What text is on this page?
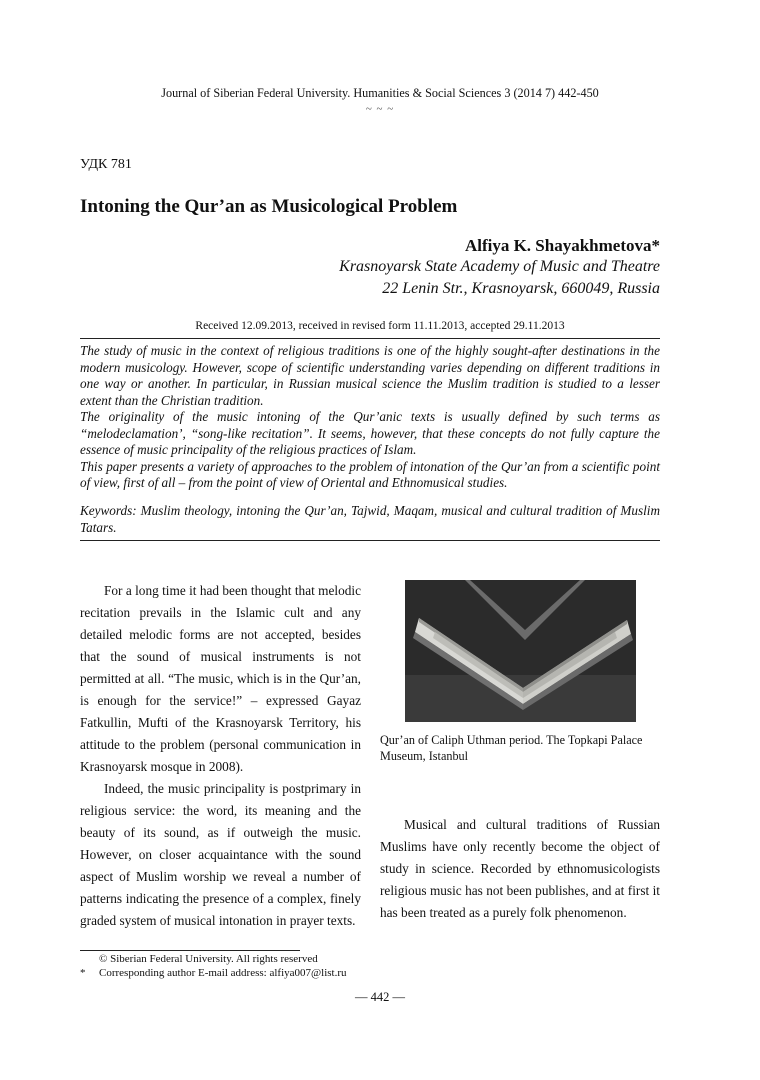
Journal of Siberian Federal University. Humanities & Social Sciences 3 (2014 7) 442-450
~ ~ ~
УДК 781
Intoning the Qur’an as Musicological Problem
Alfiya K. Shayakhmetova*
Krasnoyarsk State Academy of Music and Theatre
22 Lenin Str., Krasnoyarsk, 660049, Russia
Received 12.09.2013, received in revised form 11.11.2013, accepted 29.11.2013

The study of music in the context of religious traditions is one of the highly sought-after destinations in the modern musicology. However, scope of scientific understanding varies depending on different traditions in one way or another. In particular, in Russian musical science the Muslim tradition is studied to a lesser extent than the Christian tradition.

The originality of the music intoning of the Qur’anic texts is usually defined by such terms as “melodeclamation’, “song-like recitation”. It seems, however, that these concepts do not fully capture the essence of music principality of the religious practices of Islam.

This paper presents a variety of approaches to the problem of intonation of the Qur’an from a scientific point of view, first of all – from the point of view of Oriental and Ethnomusical studies.

Keywords: Muslim theology, intoning the Qur’an, Tajwid, Maqam, musical and cultural tradition of Muslim Tatars.

For a long time it had been thought that melodic recitation prevails in the Islamic cult and any detailed melodic forms are not accepted, besides that the sound of musical instruments is not permitted at all. “The music, which is in the Qur’an, is enough for the service!” – expressed Gayaz Fatkullin, Mufti of the Krasnoyarsk Territory, his attitude to the problem (personal communication in Krasnoyarsk mosque in 2008).

Indeed, the music principality is postprimary in religious service: the word, its meaning and the beauty of its sound, as if outweigh the music. However, on closer acquaintance with the sound aspect of Muslim worship we reveal a number of patterns indicating the presence of a complex, finely graded system of musical intonation in prayer texts.

Qur’an of Caliph Uthman period. The Topkapi Palace Museum, Istanbul

Musical and cultural traditions of Russian Muslims have only recently become the object of study in science. Recorded by ethnomusicologists religious music has not been publishes, and at first it has been treated as a purely folk phenomenon.

© Siberian Federal University. All rights reserved
* Corresponding author E-mail address: alfiya007@list.ru
— 442 —
